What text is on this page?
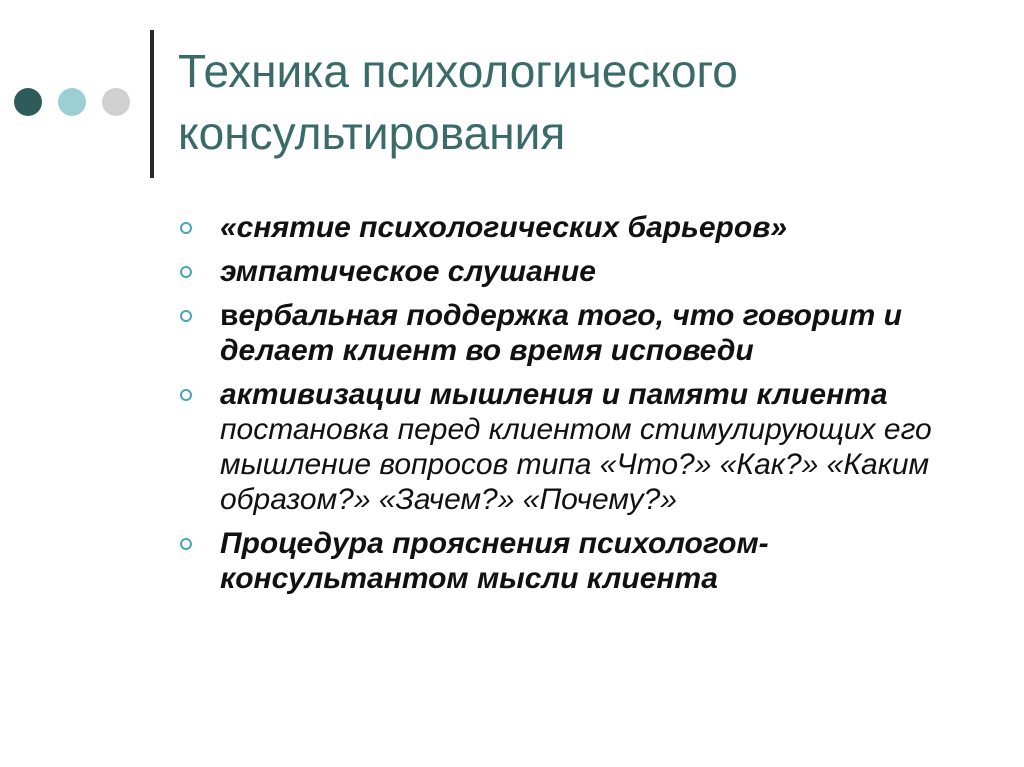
Техника психологического
консультирования
«снятие психологических барьеров»
эмпатическое слушание
вербальная поддержка того, что говорит и делает клиент во время исповеди
активизации мышления и памяти клиента постановка перед клиентом стимулирующих его мышление вопросов типа «Что?» «Как?» «Каким образом?» «Зачем?» «Почему?»
Процедура прояснения психологом-консультантом мысли клиента
